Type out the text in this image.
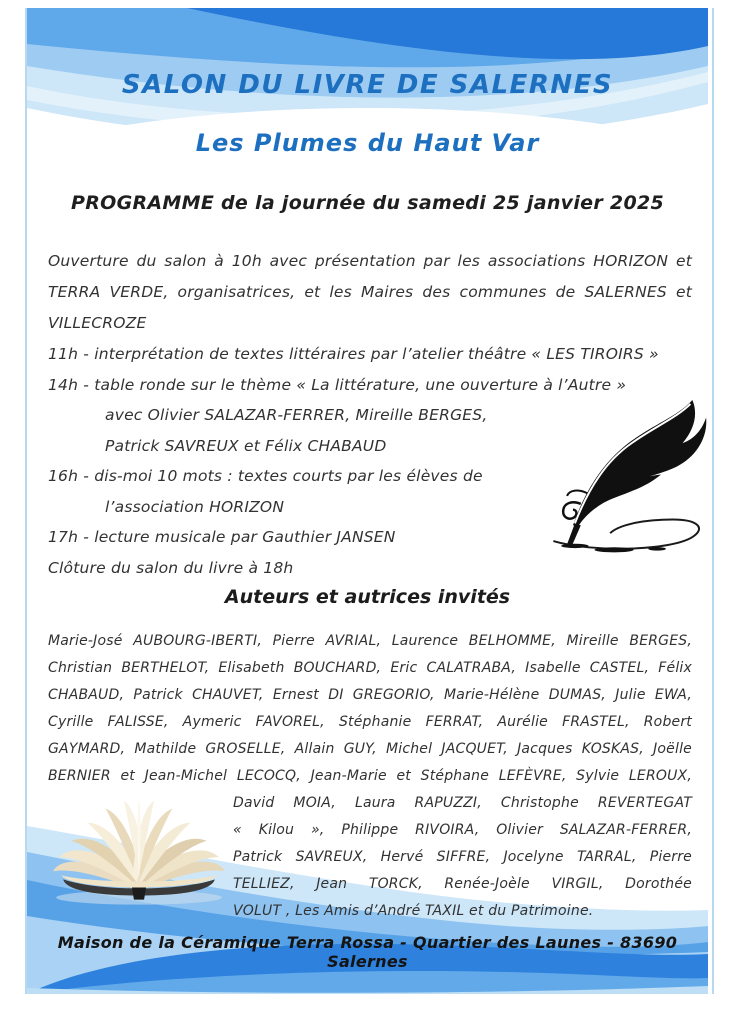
SALON DU LIVRE DE SALERNES
Les Plumes du Haut Var
PROGRAMME de la journée du samedi 25 janvier 2025
Ouverture du salon à 10h avec présentation par les associations HORIZON et
TERRA VERDE, organisatrices, et les Maires des communes de SALERNES et
VILLECROZE
11h - interprétation de textes littéraires par l’atelier théâtre « LES TIROIRS »
14h - table ronde sur le thème « La littérature, une ouverture à l’Autre »
avec Olivier SALAZAR-FERRER, Mireille BERGES,
Patrick SAVREUX et Félix CHABAUD
16h - dis-moi 10 mots : textes courts par les élèves de
l’association HORIZON
17h - lecture musicale par Gauthier JANSEN
Clôture du salon du livre à 18h
Auteurs et autrices invités
Marie-José AUBOURG-IBERTI, Pierre AVRIAL, Laurence BELHOMME, Mireille BERGES,
Christian BERTHELOT, Elisabeth BOUCHARD, Eric CALATRABA, Isabelle CASTEL, Félix
CHABAUD, Patrick CHAUVET, Ernest DI GREGORIO, Marie-Hélène DUMAS, Julie EWA,
Cyrille FALISSE, Aymeric FAVOREL, Stéphanie FERRAT, Aurélie FRASTEL, Robert
GAYMARD, Mathilde GROSELLE, Allain GUY, Michel JACQUET, Jacques KOSKAS, Joëlle
BERNIER et Jean-Michel LECOCQ, Jean-Marie et Stéphane LEFÈVRE, Sylvie LEROUX,
David MOIA, Laura RAPUZZI, Christophe REVERTEGAT
« Kilou », Philippe RIVOIRA, Olivier SALAZAR-FERRER,
Patrick SAVREUX, Hervé SIFFRE, Jocelyne TARRAL, Pierre
TELLIEZ, Jean TORCK, Renée-Joèle VIRGIL, Dorothée
VOLUT , Les Amis d’André TAXIL et du Patrimoine.
Maison de la Céramique Terra Rossa - Quartier des Launes - 83690 Salernes
